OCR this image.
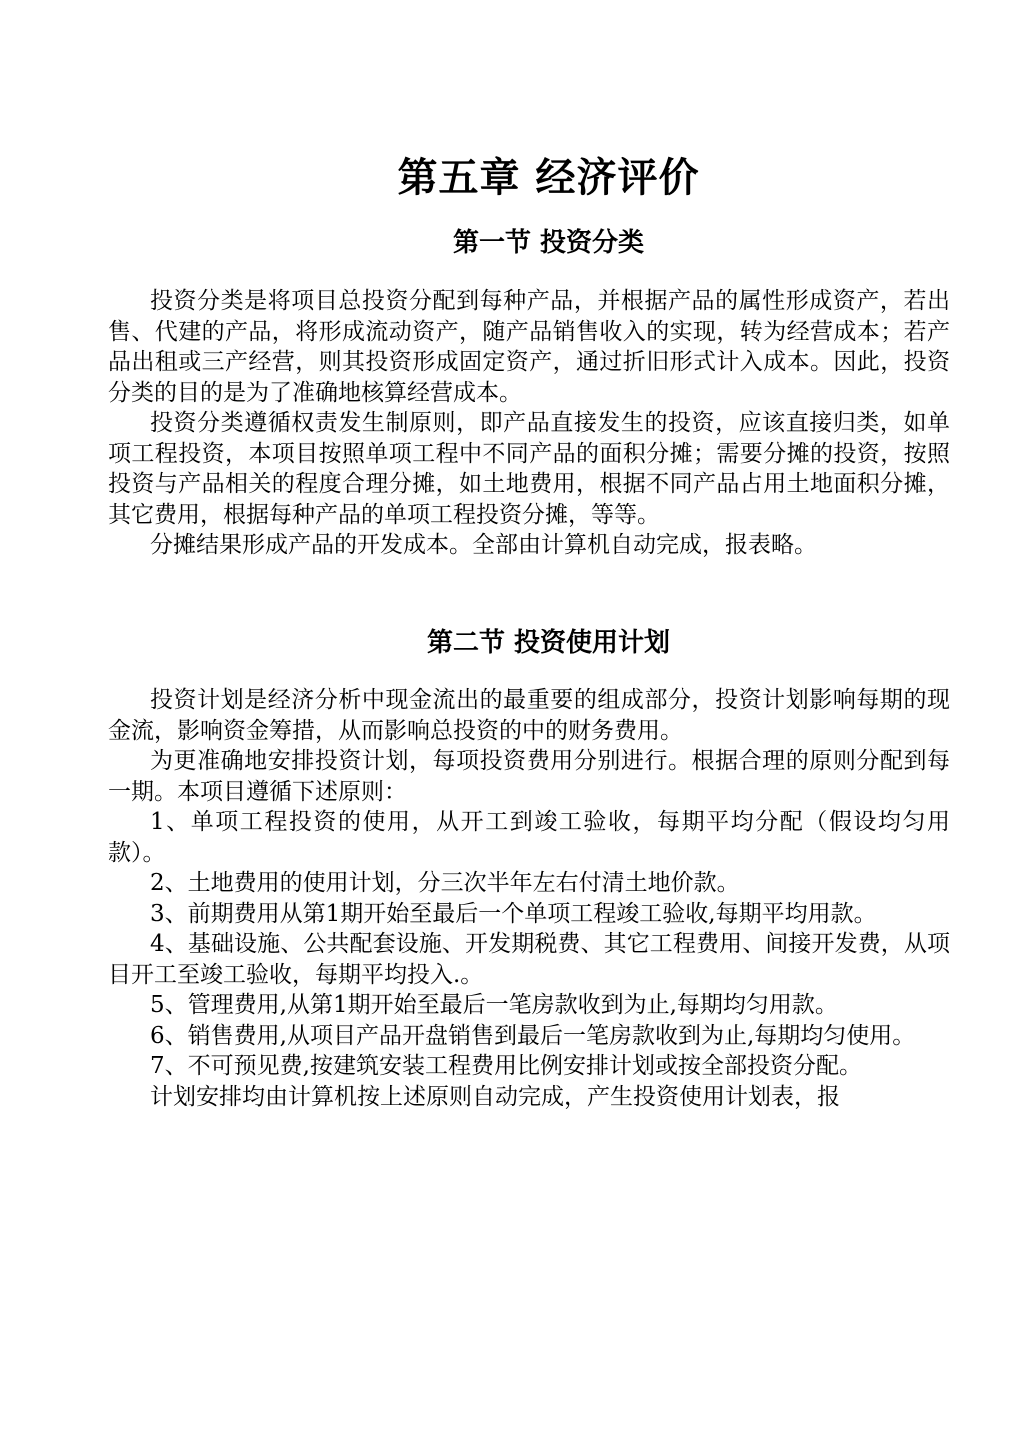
第五章 经济评价
第一节 投资分类

投资分类是将项目总投资分配到每种产品，并根据产品的属性形成资产，若出售、代建的产品，将形成流动资产，随产品销售收入的实现，转为经营成本；若产品出租或三产经营，则其投资形成固定资产，通过折旧形式计入成本。因此，投资分类的目的是为了准确地核算经营成本。

投资分类遵循权责发生制原则，即产品直接发生的投资，应该直接归类，如单项工程投资，本项目按照单项工程中不同产品的面积分摊；需要分摊的投资，按照投资与产品相关的程度合理分摊，如土地费用，根据不同产品占用土地面积分摊，其它费用，根据每种产品的单项工程投资分摊，等等。

分摊结果形成产品的开发成本。全部由计算机自动完成，报表略。

第二节 投资使用计划

投资计划是经济分析中现金流出的最重要的组成部分，投资计划影响每期的现金流，影响资金筹措，从而影响总投资的中的财务费用。

为更准确地安排投资计划，每项投资费用分别进行。根据合理的原则分配到每一期。本项目遵循下述原则：

1、单项工程投资的使用，从开工到竣工验收，每期平均分配（假设均匀用款）。

2、土地费用的使用计划，分三次半年左右付清土地价款。

3、前期费用从第1期开始至最后一个单项工程竣工验收,每期平均用款。

4、基础设施、公共配套设施、开发期税费、其它工程费用、间接开发费，从项目开工至竣工验收，每期平均投入.。

5、管理费用,从第1期开始至最后一笔房款收到为止,每期均匀用款。

6、销售费用,从项目产品开盘销售到最后一笔房款收到为止,每期均匀使用。

7、不可预见费,按建筑安装工程费用比例安排计划或按全部投资分配。

计划安排均由计算机按上述原则自动完成，产生投资使用计划表，报
